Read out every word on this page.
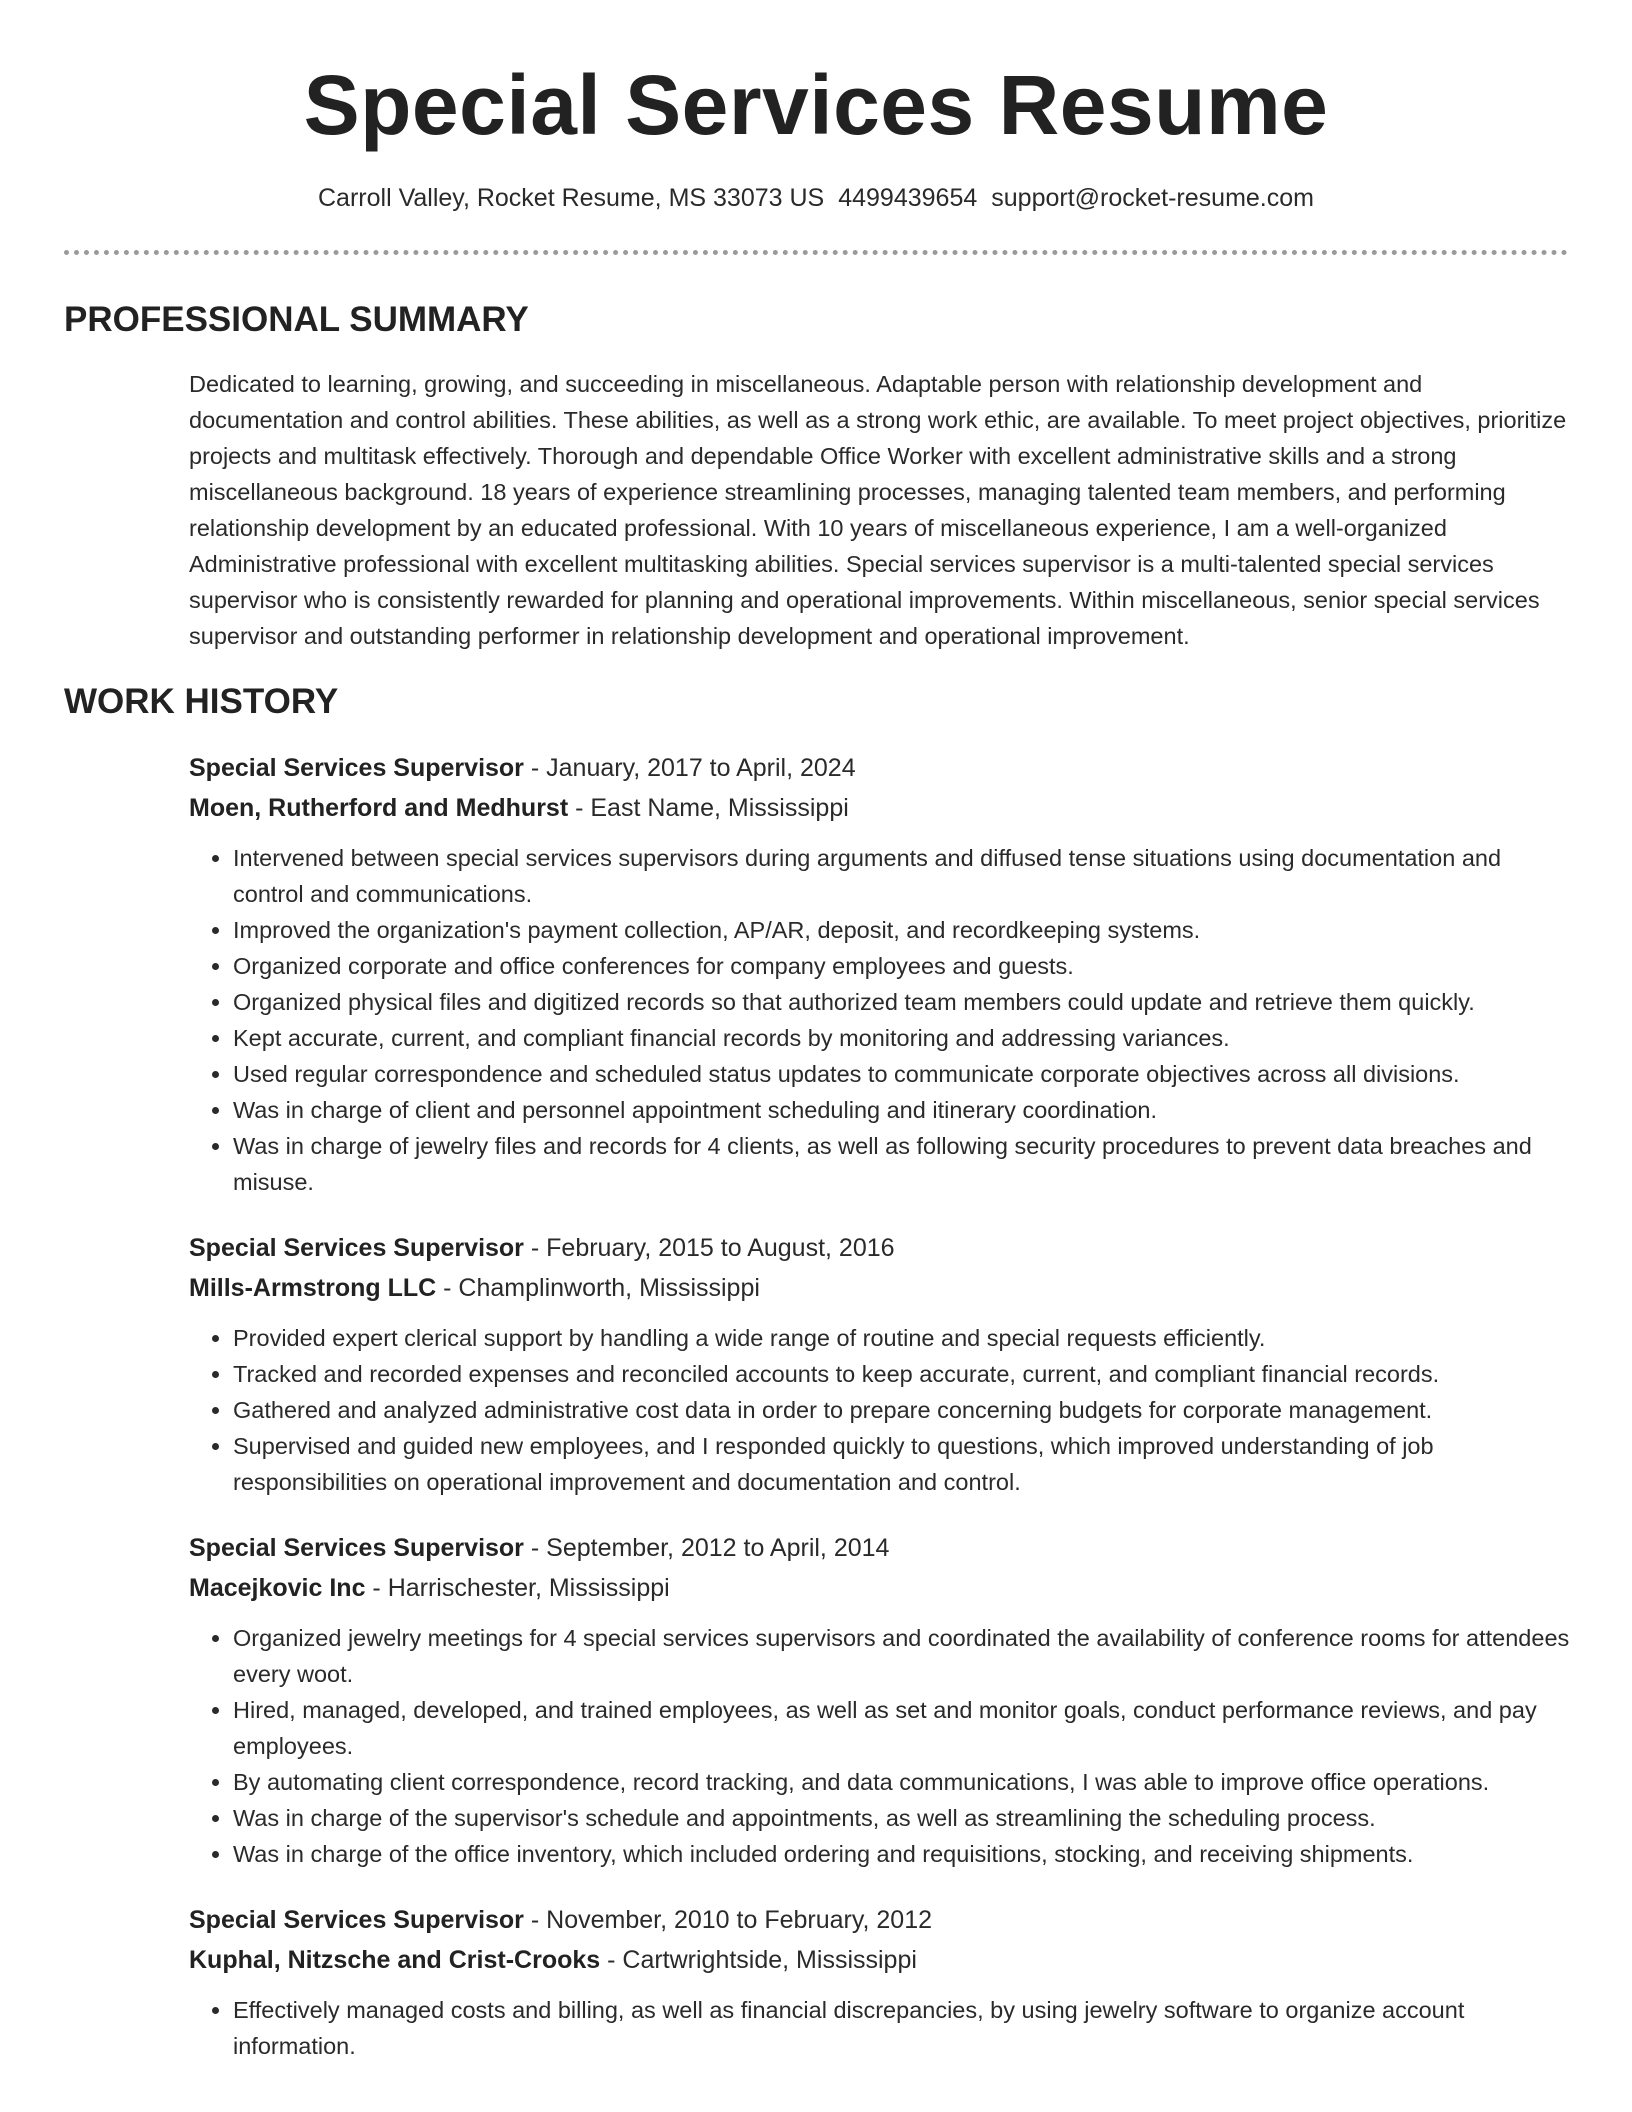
Special Services Resume
Carroll Valley, Rocket Resume, MS 33073 US 4499439654 support@rocket-resume.com
PROFESSIONAL SUMMARY

Dedicated to learning, growing, and succeeding in miscellaneous. Adaptable person with relationship development and documentation and control abilities. These abilities, as well as a strong work ethic, are available. To meet project objectives, prioritize projects and multitask effectively. Thorough and dependable Office Worker with excellent administrative skills and a strong miscellaneous background. 18 years of experience streamlining processes, managing talented team members, and performing relationship development by an educated professional. With 10 years of miscellaneous experience, I am a well-organized Administrative professional with excellent multitasking abilities. Special services supervisor is a multi-talented special services supervisor who is consistently rewarded for planning and operational improvements. Within miscellaneous, senior special services supervisor and outstanding performer in relationship development and operational improvement.

WORK HISTORY
Special Services Supervisor - January, 2017 to April, 2024
Moen, Rutherford and Medhurst - East Name, Mississippi
• Intervened between special services supervisors during arguments and diffused tense situations using documentation and control and communications.
• Improved the organization's payment collection, AP/AR, deposit, and recordkeeping systems.
• Organized corporate and office conferences for company employees and guests.
• Organized physical files and digitized records so that authorized team members could update and retrieve them quickly.
• Kept accurate, current, and compliant financial records by monitoring and addressing variances.
• Used regular correspondence and scheduled status updates to communicate corporate objectives across all divisions.
• Was in charge of client and personnel appointment scheduling and itinerary coordination.
• Was in charge of jewelry files and records for 4 clients, as well as following security procedures to prevent data breaches and misuse.
Special Services Supervisor - February, 2015 to August, 2016
Mills-Armstrong LLC - Champlinworth, Mississippi
• Provided expert clerical support by handling a wide range of routine and special requests efficiently.
• Tracked and recorded expenses and reconciled accounts to keep accurate, current, and compliant financial records.
• Gathered and analyzed administrative cost data in order to prepare concerning budgets for corporate management.
• Supervised and guided new employees, and I responded quickly to questions, which improved understanding of job responsibilities on operational improvement and documentation and control.
Special Services Supervisor - September, 2012 to April, 2014
Macejkovic Inc - Harrischester, Mississippi
• Organized jewelry meetings for 4 special services supervisors and coordinated the availability of conference rooms for attendees every woot.
• Hired, managed, developed, and trained employees, as well as set and monitor goals, conduct performance reviews, and pay employees.
• By automating client correspondence, record tracking, and data communications, I was able to improve office operations.
• Was in charge of the supervisor's schedule and appointments, as well as streamlining the scheduling process.
• Was in charge of the office inventory, which included ordering and requisitions, stocking, and receiving shipments.
Special Services Supervisor - November, 2010 to February, 2012
Kuphal, Nitzsche and Crist-Crooks - Cartwrightside, Mississippi
• Effectively managed costs and billing, as well as financial discrepancies, by using jewelry software to organize account information.
